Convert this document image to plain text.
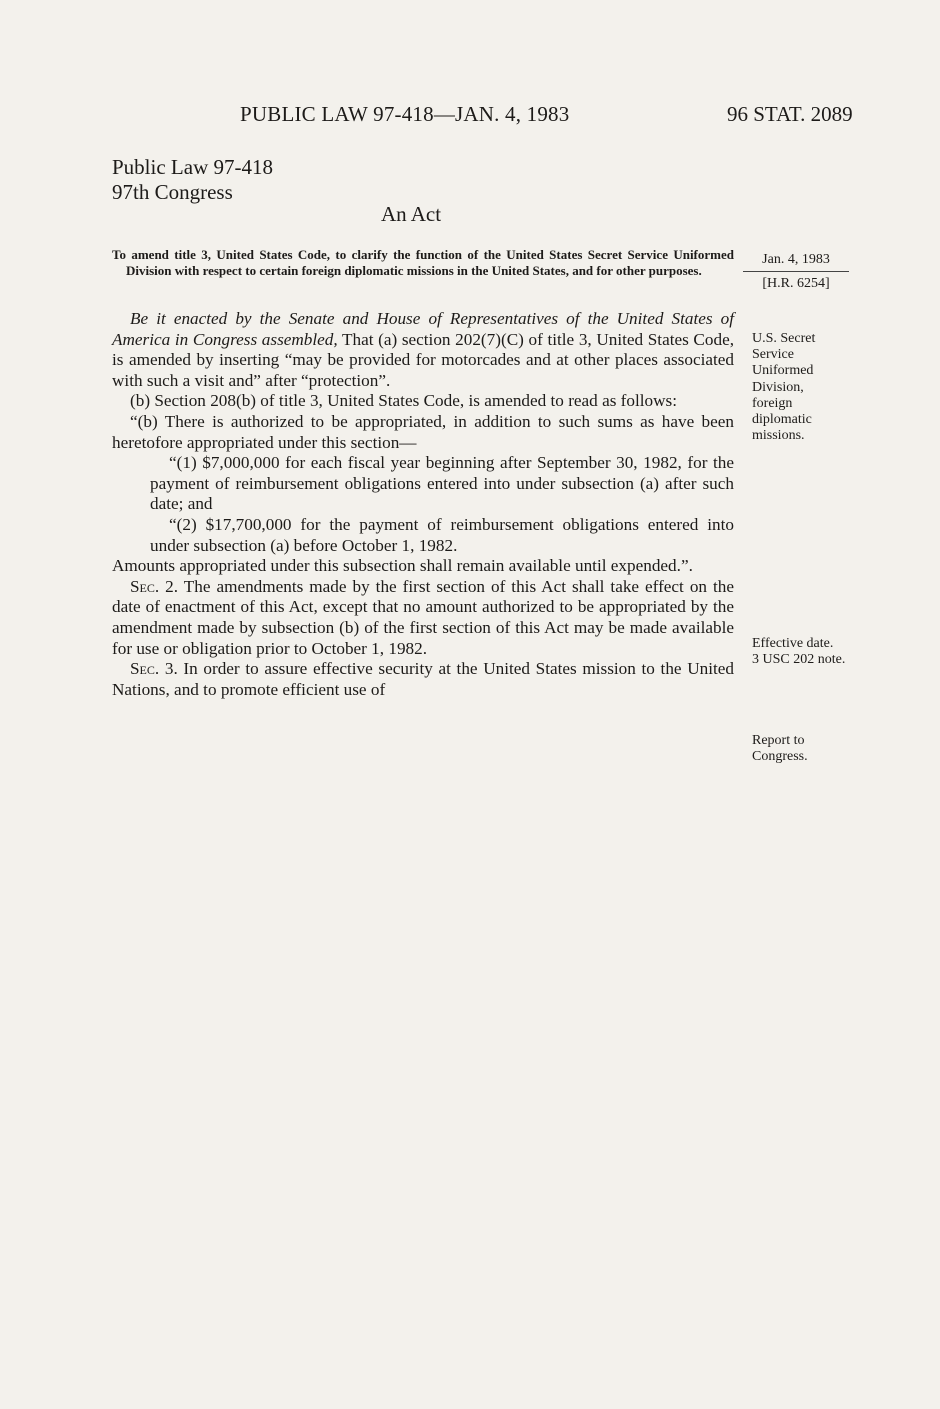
PUBLIC LAW 97-418—JAN. 4, 1983	96 STAT. 2089
Public Law 97-418
97th Congress
An Act
To amend title 3, United States Code, to clarify the function of the United States Secret Service Uniformed Division with respect to certain foreign diplomatic missions in the United States, and for other purposes.
Jan. 4, 1983
[H.R. 6254]

Be it enacted by the Senate and House of Representatives of the United States of America in Congress assembled, That (a) section 202(7)(C) of title 3, United States Code, is amended by inserting “may be provided for motorcades and at other places associated with such a visit and” after “protection”.

(b) Section 208(b) of title 3, United States Code, is amended to read as follows:

“(b) There is authorized to be appropriated, in addition to such sums as have been heretofore appropriated under this section—

“(1) $7,000,000 for each fiscal year beginning after September 30, 1982, for the payment of reimbursement obligations entered into under subsection (a) after such date; and

“(2) $17,700,000 for the payment of reimbursement obligations entered into under subsection (a) before October 1, 1982.

Amounts appropriated under this subsection shall remain available until expended.”.

Sec. 2. The amendments made by the first section of this Act shall take effect on the date of enactment of this Act, except that no amount authorized to be appropriated by the amendment made by subsection (b) of the first section of this Act may be made available for use or obligation prior to October 1, 1982.

Sec. 3. In order to assure effective security at the United States mission to the United Nations, and to promote efficient use of

U.S. Secret
Service
Uniformed
Division,
foreign
diplomatic
missions.
Effective date.
3 USC 202 note.
Report to
Congress.
